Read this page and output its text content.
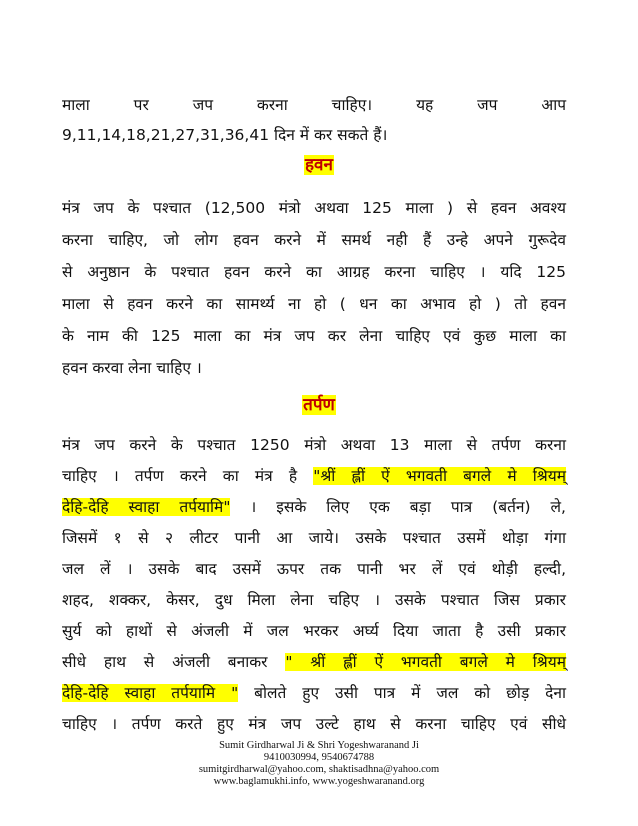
माला पर जप करना चाहिए। यह जप आप
9,11,14,18,21,27,31,36,41 दिन में कर सकते हैं।
हवन
मंत्र जप के पश्चात (12,500 मंत्रो अथवा 125 माला ) से हवन अवश्य
करना चाहिए, जो लोग हवन करने में समर्थ नही हैं उन्हे अपने गुरूदेव
से अनुष्ठान के पश्चात हवन करने का आग्रह करना चाहिए । यदि 125
माला से हवन करने का सामर्थ्य ना हो ( धन का अभाव हो ) तो हवन
के नाम की 125 माला का मंत्र जप कर लेना चाहिए एवं कुछ माला का
हवन करवा लेना चाहिए ।
तर्पण
मंत्र जप करने के पश्चात 1250 मंत्रो अथवा 13 माला से तर्पण करना
चाहिए । तर्पण करने का मंत्र है "श्रीं ह्लीं ऐं भगवती बगले मे श्रियम्
देहि-देहि स्वाहा तर्पयामि" । इसके लिए एक बड़ा पात्र (बर्तन) ले,
जिसमें १ से २ लीटर पानी आ जाये। उसके पश्चात उसमें थोड़ा गंगा
जल लें । उसके बाद उसमें ऊपर तक पानी भर लें एवं थोड़ी हल्दी,
शहद, शक्कर, केसर, दुध मिला लेना चहिए । उसके पश्चात जिस प्रकार
सुर्य को हाथों से अंजली में जल भरकर अर्घ्य दिया जाता है उसी प्रकार
सीधे हाथ से अंजली बनाकर " श्रीं ह्लीं ऐं भगवती बगले मे श्रियम्
देहि-देहि स्वाहा तर्पयामि " बोलते हुए उसी पात्र में जल को छोड़ देना
चाहिए । तर्पण करते हुए मंत्र जप उल्टे हाथ से करना चाहिए एवं सीधे
Sumit Girdharwal Ji & Shri Yogeshwaranand Ji
9410030994, 9540674788
sumitgirdharwal@yahoo.com, shaktisadhna@yahoo.com
www.baglamukhi.info, www.yogeshwaranand.org
